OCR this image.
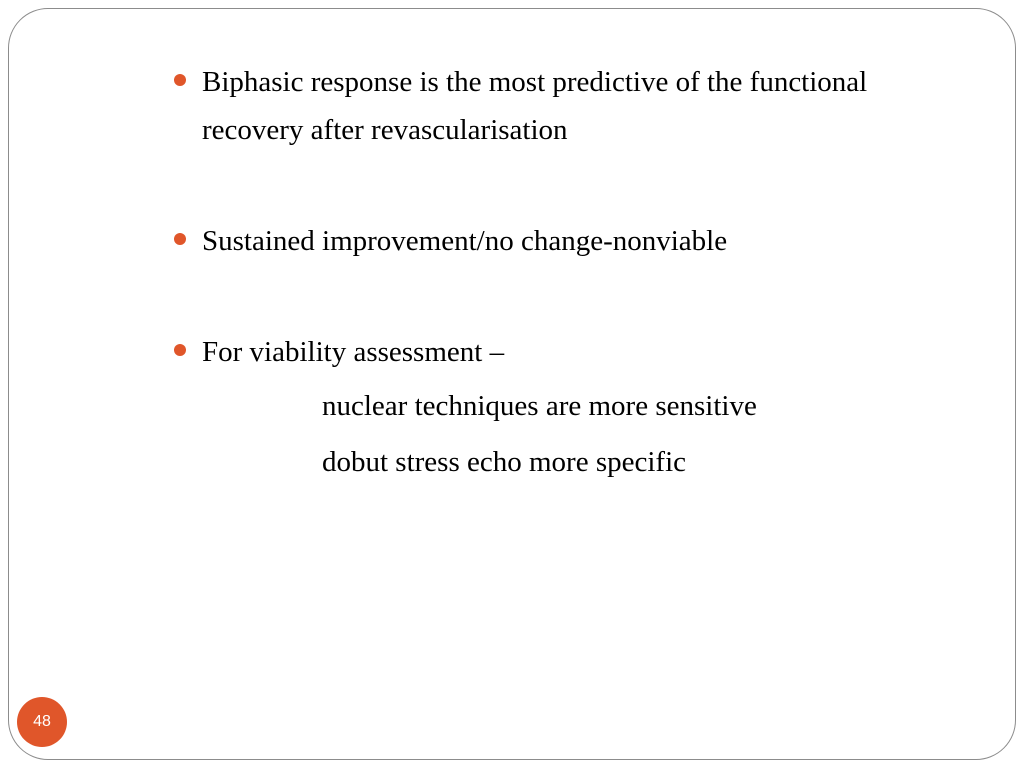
Biphasic response is the most predictive of the functional recovery after revascularisation
Sustained improvement/no change-nonviable
For viability assessment –
nuclear techniques are more sensitive
dobut stress echo more specific
48
